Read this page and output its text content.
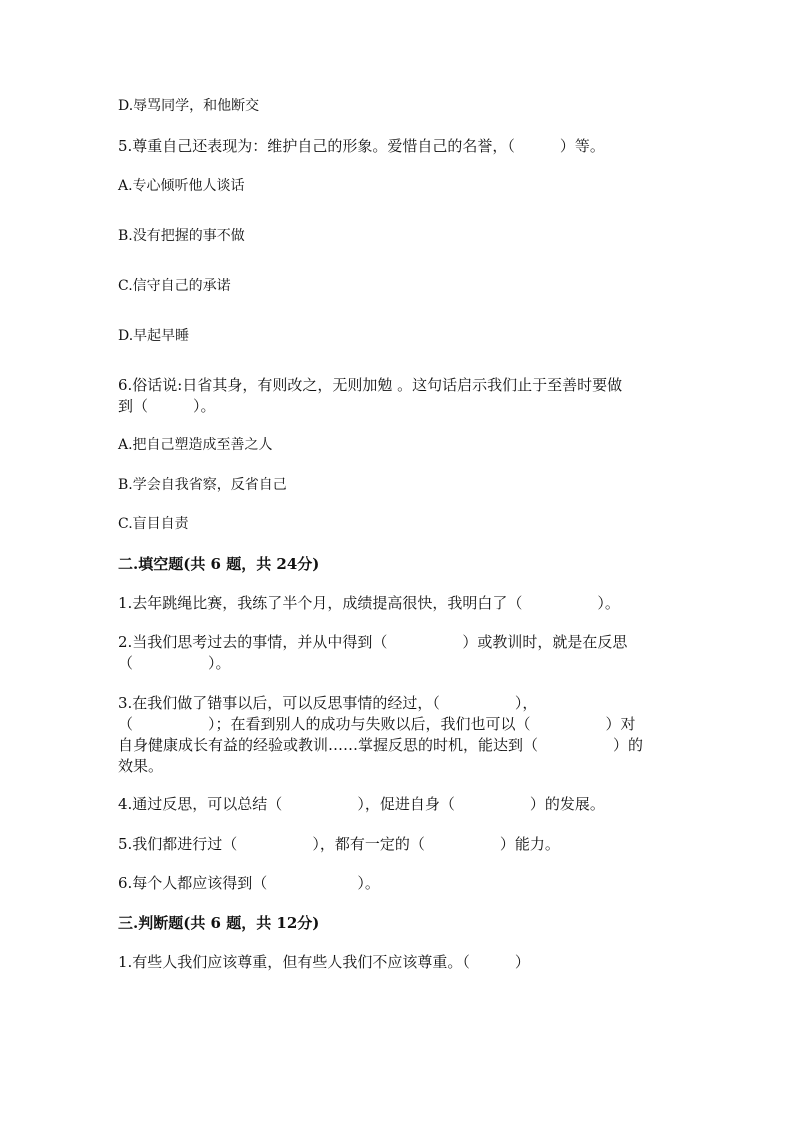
D.辱骂同学，和他断交

5.尊重自己还表现为：维护自己的形象。爱惜自己的名誉，（　　　）等。

A.专心倾听他人谈话

B.没有把握的事不做

C.信守自己的承诺

D.早起早睡

6.俗话说:日省其身，有则改之，无则加勉 。这句话启示我们止于至善时要做

到（　　　）。

A.把自己塑造成至善之人

B.学会自我省察，反省自己

C.盲目自责

二.填空题(共 6 题，共 24分)

1.去年跳绳比赛，我练了半个月，成绩提高很快，我明白了（　　　　　）。

2.当我们思考过去的事情，并从中得到（　　　　　）或教训时，就是在反思

（　　　　　）。

3.在我们做了错事以后，可以反思事情的经过，（　　　　　），

（　　　　　）；在看到别人的成功与失败以后，我们也可以（　　　　　）对

自身健康成长有益的经验或教训……掌握反思的时机，能达到（　　　　　）的

效果。

4.通过反思，可以总结（　　　　　），促进自身（　　　　　）的发展。

5.我们都进行过（　　　　　），都有一定的（　　　　　）能力。

6.每个人都应该得到（　　　　　　）。

三.判断题(共 6 题，共 12分)

1.有些人我们应该尊重，但有些人我们不应该尊重。（　　　）
